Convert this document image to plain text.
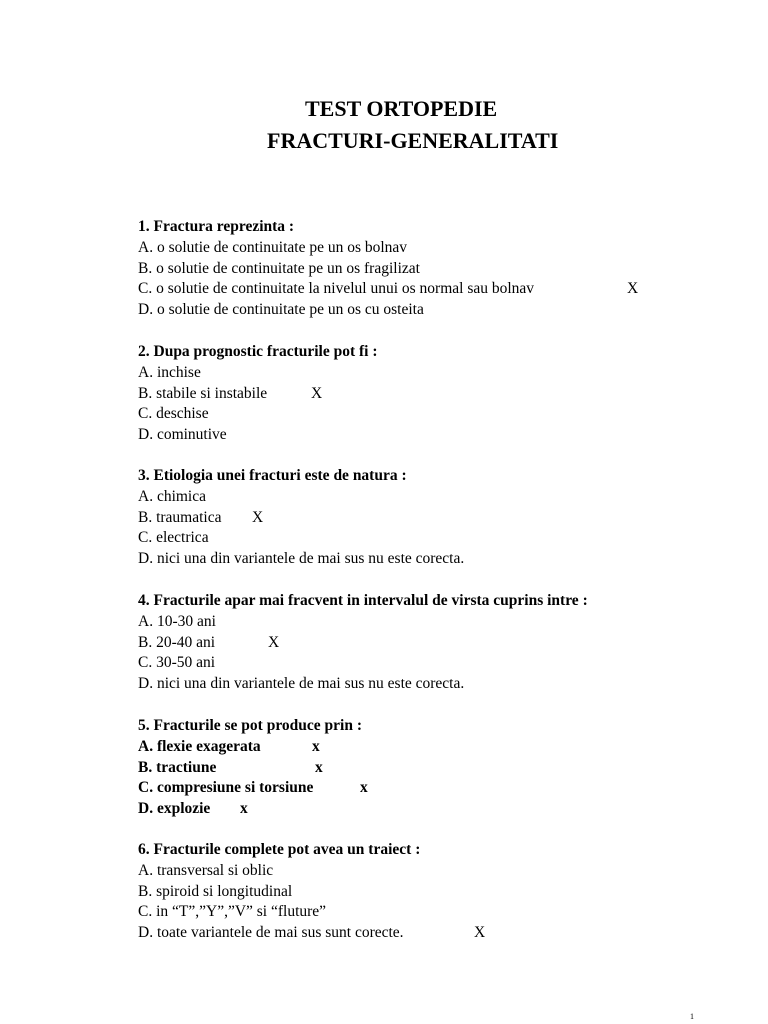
TEST ORTOPEDIE
FRACTURI-GENERALITATI
1. Fractura reprezinta :
A. o solutie de continuitate pe un os bolnav
B. o solutie de continuitate pe un os fragilizat
C. o solutie de continuitate la nivelul unui os normal sau bolnav	X
D. o solutie de continuitate pe un os cu osteita
2. Dupa prognostic fracturile pot fi :
A. inchise
B. stabile si instabile	X
C. deschise
D. cominutive
3. Etiologia unei fracturi este de natura :
A. chimica
B. traumatica X
C. electrica
D. nici una din variantele de mai sus nu este corecta.
4. Fracturile apar mai fracvent in intervalul de virsta cuprins intre :
A. 10-30 ani
B. 20-40 ani	X
C. 30-50 ani
D. nici una din variantele de mai sus nu este corecta.
5. Fracturile se pot produce prin :
A. flexie exagerata	x
B. tractiune	x
C. compresiune si torsiune	x
D. explozie x
6. Fracturile complete pot avea un traiect :
A. transversal si oblic
B. spiroid si longitudinal
C. in “T”,”Y”,”V” si “fluture”
D. toate variantele de mai sus sunt corecte.	X
1
